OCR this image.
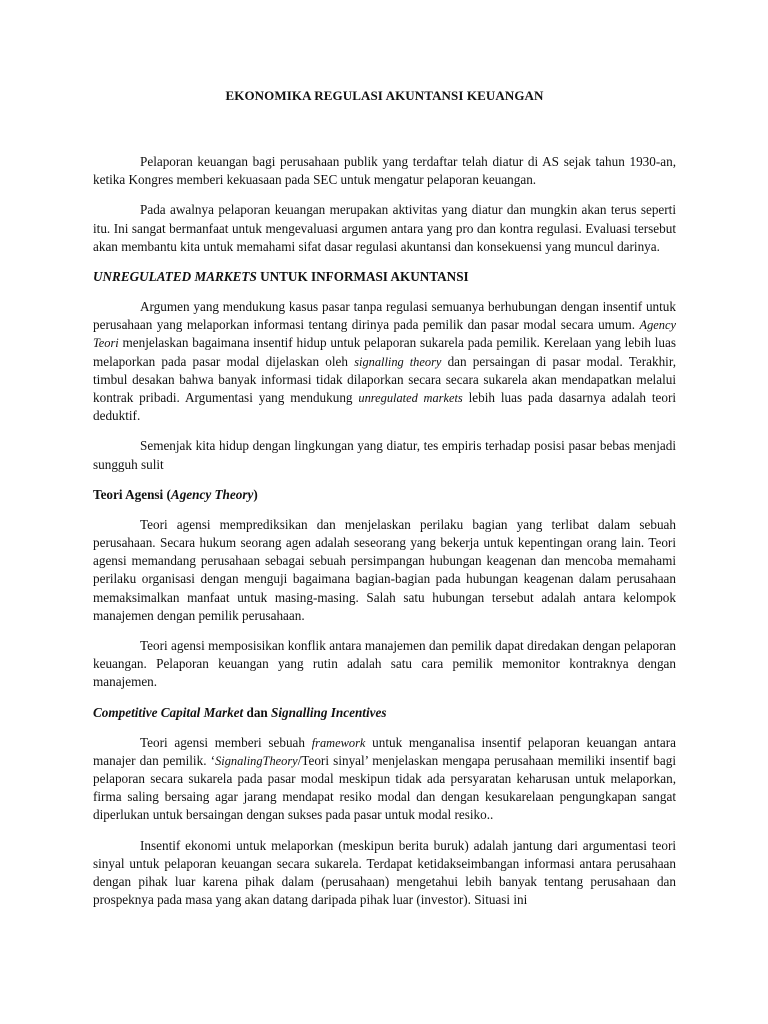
EKONOMIKA REGULASI AKUNTANSI KEUANGAN

Pelaporan keuangan bagi perusahaan publik yang terdaftar telah diatur di AS sejak tahun 1930-an, ketika Kongres memberi kekuasaan pada SEC untuk mengatur pelaporan keuangan.

Pada awalnya pelaporan keuangan merupakan aktivitas yang diatur dan mungkin akan terus seperti itu. Ini sangat bermanfaat untuk mengevaluasi argumen antara yang pro dan kontra regulasi. Evaluasi tersebut akan membantu kita untuk memahami sifat dasar regulasi akuntansi dan konsekuensi yang muncul darinya.

UNREGULATED MARKETS UNTUK INFORMASI AKUNTANSI

Argumen yang mendukung kasus pasar tanpa regulasi semuanya berhubungan dengan insentif untuk perusahaan yang melaporkan informasi tentang dirinya pada pemilik dan pasar modal secara umum. Agency Teori menjelaskan bagaimana insentif hidup untuk pelaporan sukarela pada pemilik. Kerelaan yang lebih luas melaporkan pada pasar modal dijelaskan oleh signalling theory dan persaingan di pasar modal. Terakhir, timbul desakan bahwa banyak informasi tidak dilaporkan secara secara sukarela akan mendapatkan melalui kontrak pribadi. Argumentasi yang mendukung unregulated markets lebih luas pada dasarnya adalah teori deduktif.

Semenjak kita hidup dengan lingkungan yang diatur, tes empiris terhadap posisi pasar bebas menjadi sungguh sulit

Teori Agensi (Agency Theory)

Teori agensi memprediksikan dan menjelaskan perilaku bagian yang terlibat dalam sebuah perusahaan. Secara hukum seorang agen adalah seseorang yang bekerja untuk kepentingan orang lain. Teori agensi memandang perusahaan sebagai sebuah persimpangan hubungan keagenan dan mencoba memahami perilaku organisasi dengan menguji bagaimana bagian-bagian pada hubungan keagenan dalam perusahaan memaksimalkan manfaat untuk masing-masing. Salah satu hubungan tersebut adalah antara kelompok manajemen dengan pemilik perusahaan.

Teori agensi memposisikan konflik antara manajemen dan pemilik dapat diredakan dengan pelaporan keuangan. Pelaporan keuangan yang rutin adalah satu cara pemilik memonitor kontraknya dengan manajemen.

Competitive Capital Market dan Signalling Incentives

Teori agensi memberi sebuah framework untuk menganalisa insentif pelaporan keuangan antara manajer dan pemilik. ‘SignalingTheory/Teori sinyal’ menjelaskan mengapa perusahaan memiliki insentif bagi pelaporan secara sukarela pada pasar modal meskipun tidak ada persyaratan keharusan untuk melaporkan, firma saling bersaing agar jarang mendapat resiko modal dan dengan kesukarelaan pengungkapan sangat diperlukan untuk bersaingan dengan sukses pada pasar untuk modal resiko..

Insentif ekonomi untuk melaporkan (meskipun berita buruk) adalah jantung dari argumentasi teori sinyal untuk pelaporan keuangan secara sukarela. Terdapat ketidakseimbangan informasi antara perusahaan dengan pihak luar karena pihak dalam (perusahaan) mengetahui lebih banyak tentang perusahaan dan prospeknya pada masa yang akan datang daripada pihak luar (investor). Situasi ini
